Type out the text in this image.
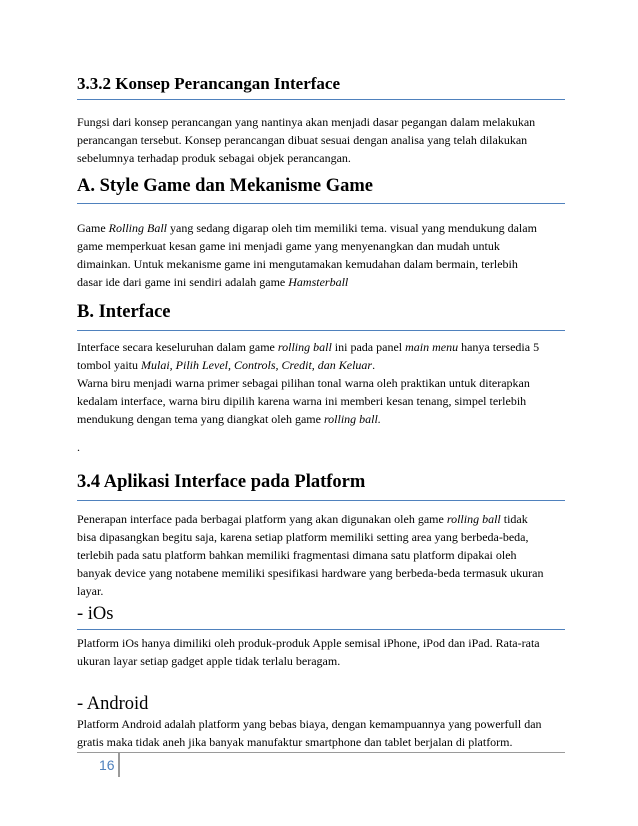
3.3.2 Konsep Perancangan Interface

Fungsi dari konsep perancangan yang nantinya akan menjadi dasar pegangan dalam melakukan
perancangan tersebut. Konsep perancangan dibuat sesuai dengan analisa yang telah dilakukan
sebelumnya terhadap produk sebagai objek perancangan.

A. Style Game dan Mekanisme Game

Game Rolling Ball yang sedang digarap oleh tim memiliki tema. visual yang mendukung dalam
game memperkuat kesan game ini menjadi game yang menyenangkan dan mudah untuk
dimainkan. Untuk mekanisme game ini mengutamakan kemudahan dalam bermain, terlebih
dasar ide dari game ini sendiri adalah game Hamsterball

B. Interface

Interface secara keseluruhan dalam game rolling ball ini pada panel main menu hanya tersedia 5
tombol yaitu Mulai, Pilih Level, Controls, Credit, dan Keluar.
Warna biru menjadi warna primer sebagai pilihan tonal warna oleh praktikan untuk diterapkan
kedalam interface, warna biru dipilih karena warna ini memberi kesan tenang, simpel terlebih
mendukung dengan tema yang diangkat oleh game rolling ball.

.
3.4 Aplikasi Interface pada Platform

Penerapan interface pada berbagai platform yang akan digunakan oleh game rolling ball tidak
bisa dipasangkan begitu saja, karena setiap platform memiliki setting area yang berbeda-beda,
terlebih pada satu platform bahkan memiliki fragmentasi dimana satu platform dipakai oleh
banyak device yang notabene memiliki spesifikasi hardware yang berbeda-beda termasuk ukuran
layar.

- iOs

Platform iOs hanya dimiliki oleh produk-produk Apple semisal iPhone, iPod dan iPad. Rata-rata
ukuran layar setiap gadget apple tidak terlalu beragam.

- Android

Platform Android adalah platform yang bebas biaya, dengan kemampuannya yang powerfull dan
gratis maka tidak aneh jika banyak manufaktur smartphone dan tablet berjalan di platform.

16
